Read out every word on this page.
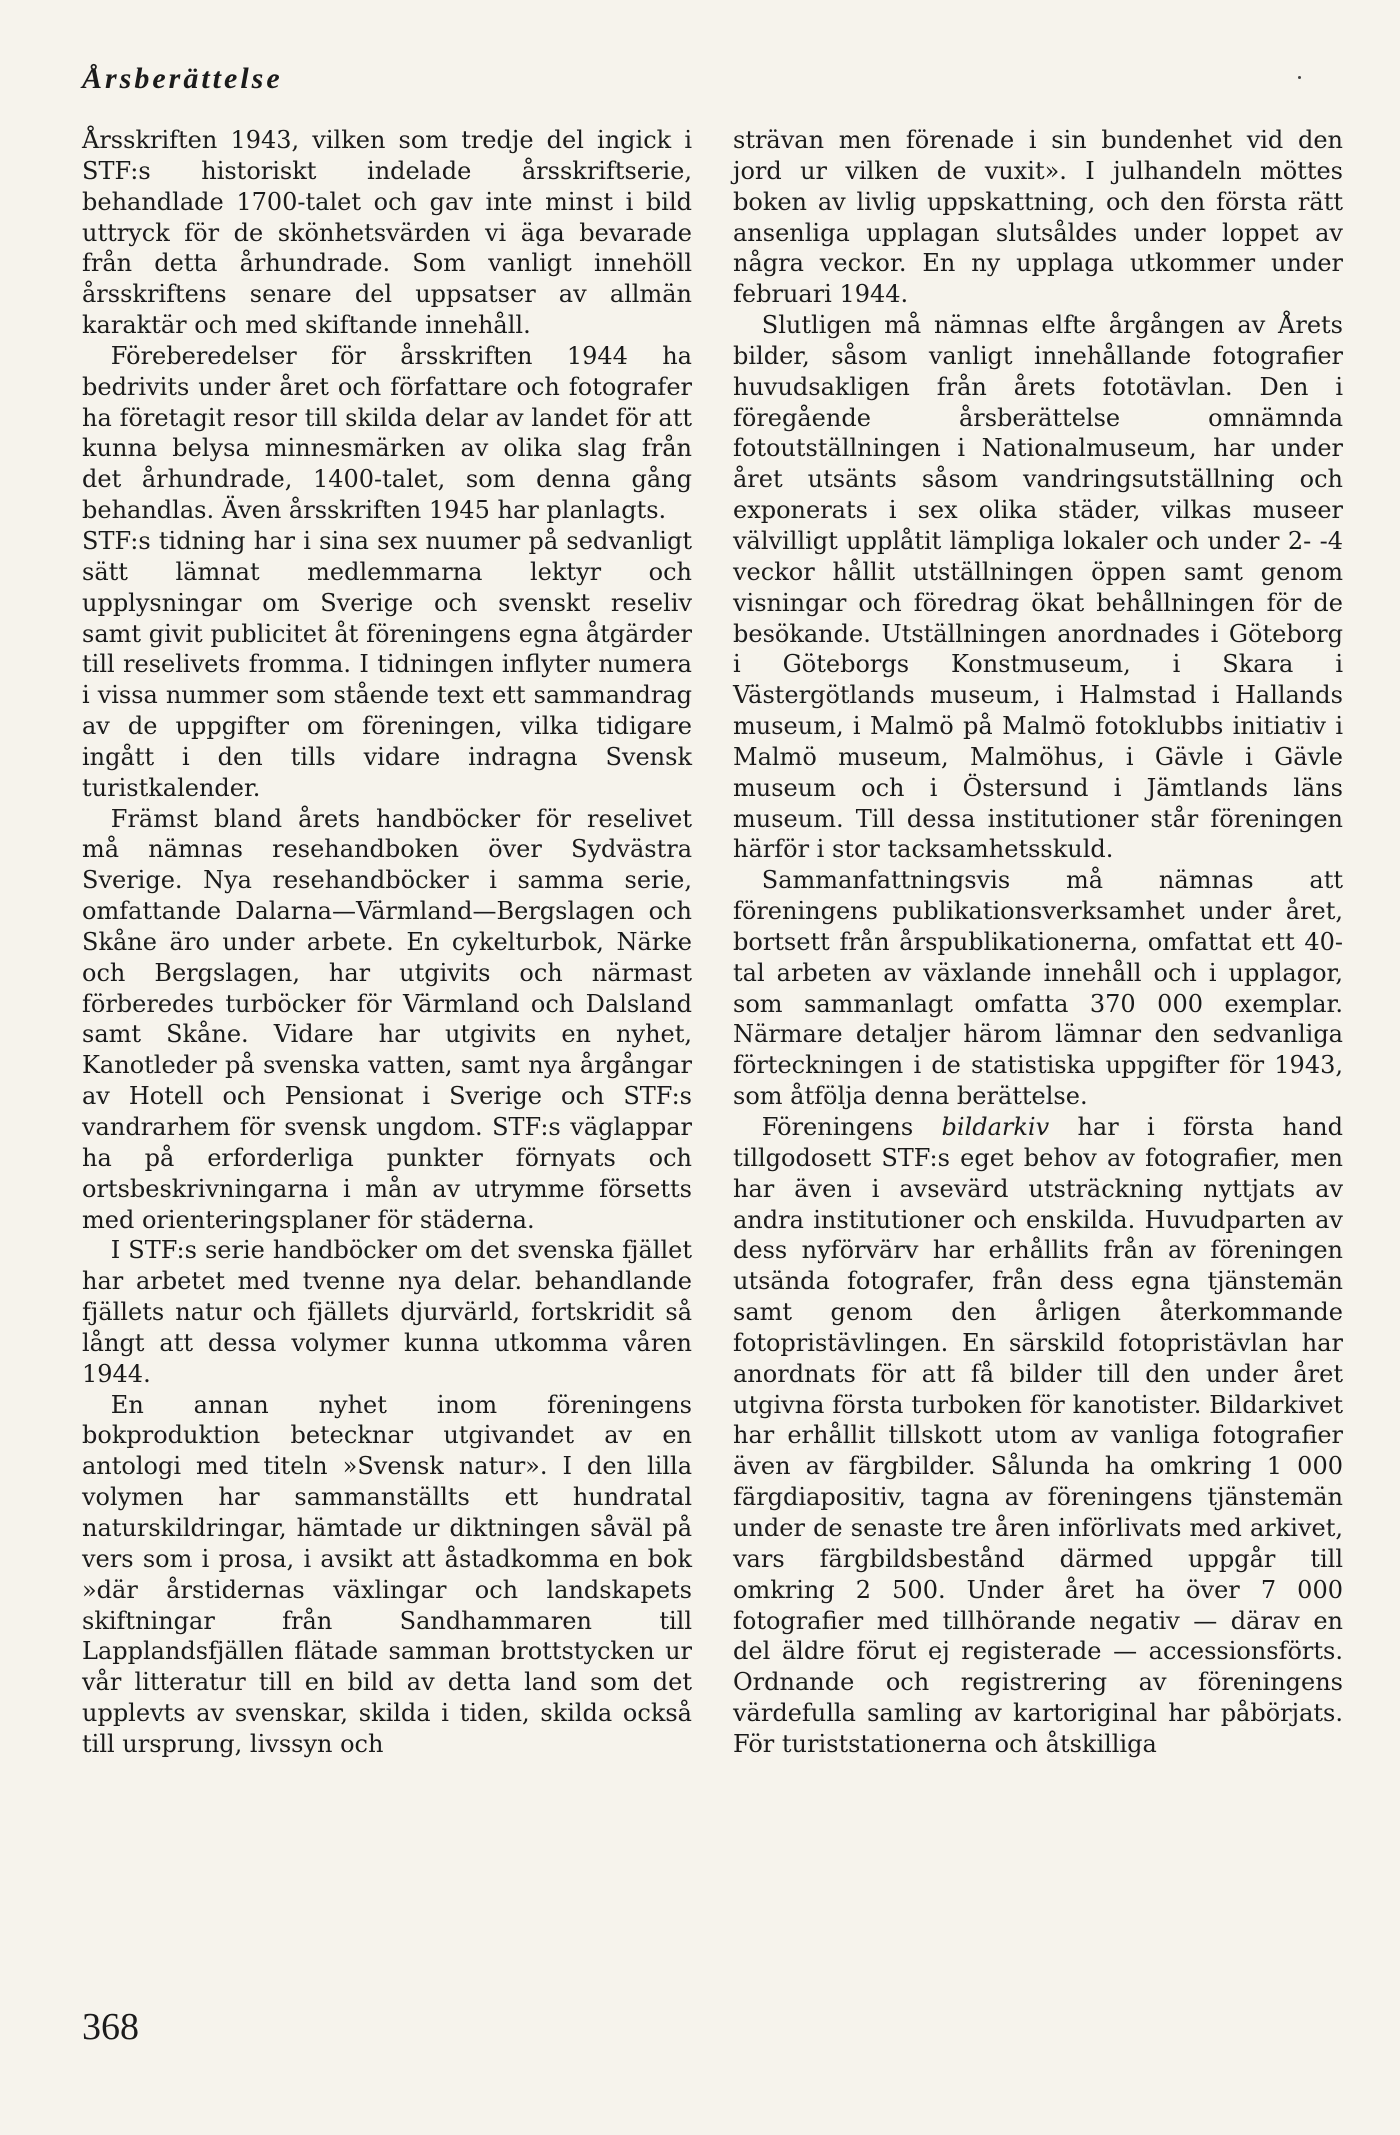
Årsberättelse

Årsskriften 1943, vilken som tredje del ingick i STF:s historiskt indelade årsskriftserie, behandlade 1700-talet och gav inte minst i bild uttryck för de skönhetsvärden vi äga bevarade från detta århundrade. Som vanligt innehöll årsskriftens senare del uppsatser av allmän karaktär och med skiftande innehåll.

Föreberedelser för årsskriften 1944 ha bedrivits under året och författare och fotografer ha företagit resor till skilda delar av landet för att kunna belysa minnesmärken av olika slag från det århundrade, 1400-talet, som denna gång behandlas. Även årsskriften 1945 har planlagts.

STF:s tidning har i sina sex nuumer på sedvanligt sätt lämnat medlemmarna lektyr och upplysningar om Sverige och svenskt reseliv samt givit publicitet åt föreningens egna åtgärder till reselivets fromma. I tidningen inflyter numera i vissa nummer som stående text ett sammandrag av de uppgifter om föreningen, vilka tidigare ingått i den tills vidare indragna Svensk turistkalender.

Främst bland årets handböcker för reselivet må nämnas resehandboken över Sydvästra Sverige. Nya resehandböcker i samma serie, omfattande Dalarna—Värmland—Bergslagen och Skåne äro under arbete. En cykelturbok, Närke och Bergslagen, har utgivits och närmast förberedes turböcker för Värmland och Dalsland samt Skåne. Vidare har utgivits en nyhet, Kanotleder på svenska vatten, samt nya årgångar av Hotell och Pensionat i Sverige och STF:s vandrarhem för svensk ungdom. STF:s väglappar ha på erforderliga punkter förnyats och ortsbeskrivningarna i mån av utrymme försetts med orienteringsplaner för städerna.

I STF:s serie handböcker om det svenska fjället har arbetet med tvenne nya delar. behandlande fjällets natur och fjällets djurvärld, fortskridit så långt att dessa volymer kunna utkomma våren 1944.

En annan nyhet inom föreningens bokproduktion betecknar utgivandet av en antologi med titeln »Svensk natur». I den lilla volymen har sammanställts ett hundratal naturskildringar, hämtade ur diktningen såväl på vers som i prosa, i avsikt att åstadkomma en bok »där årstidernas växlingar och landskapets skiftningar från Sandhammaren till Lapplandsfjällen flätade samman brottstycken ur vår litteratur till en bild av detta land som det upplevts av svenskar, skilda i tiden, skilda också till ursprung, livssyn och

strävan men förenade i sin bundenhet vid den jord ur vilken de vuxit». I julhandeln möttes boken av livlig uppskattning, och den första rätt ansenliga upplagan slutsåldes under loppet av några veckor. En ny upplaga utkommer under februari 1944.

Slutligen må nämnas elfte årgången av Årets bilder, såsom vanligt innehållande fotografier huvudsakligen från årets fototävlan. Den i föregående årsberättelse omnämnda fotoutställningen i Nationalmuseum, har under året utsänts såsom vandringsutställning och exponerats i sex olika städer, vilkas museer välvilligt upplåtit lämpliga lokaler och under 2- -4 veckor hållit utställningen öppen samt genom visningar och föredrag ökat behållningen för de besökande. Utställningen anordnades i Göteborg i Göteborgs Konstmuseum, i Skara i Västergötlands museum, i Halmstad i Hallands museum, i Malmö på Malmö fotoklubbs initiativ i Malmö museum, Malmöhus, i Gävle i Gävle museum och i Östersund i Jämtlands läns museum. Till dessa institutioner står föreningen härför i stor tacksamhetsskuld.

Sammanfattningsvis må nämnas att föreningens publikationsverksamhet under året, bortsett från årspublikationerna, omfattat ett 40-tal arbeten av växlande innehåll och i upplagor, som sammanlagt omfatta 370 000 exemplar. Närmare detaljer härom lämnar den sedvanliga förteckningen i de statistiska uppgifter för 1943, som åtfölja denna berättelse.

Föreningens bildarkiv har i första hand tillgodosett STF:s eget behov av fotografier, men har även i avsevärd utsträckning nyttjats av andra institutioner och enskilda. Huvudparten av dess nyförvärv har erhållits från av föreningen utsända fotografer, från dess egna tjänstemän samt genom den årligen återkommande fotopristävlingen. En särskild fotopristävlan har anordnats för att få bilder till den under året utgivna första turboken för kanotister. Bildarkivet har erhållit tillskott utom av vanliga fotografier även av färgbilder. Sålunda ha omkring 1 000 färgdiapositiv, tagna av föreningens tjänstemän under de senaste tre åren införlivats med arkivet, vars färgbildsbestånd därmed uppgår till omkring 2 500. Under året ha över 7 000 fotografier med tillhörande negativ — därav en del äldre förut ej registerade — accessionsförts. Ordnande och registrering av föreningens värdefulla samling av kartoriginal har påbörjats. För turiststationerna och åtskilliga

368
